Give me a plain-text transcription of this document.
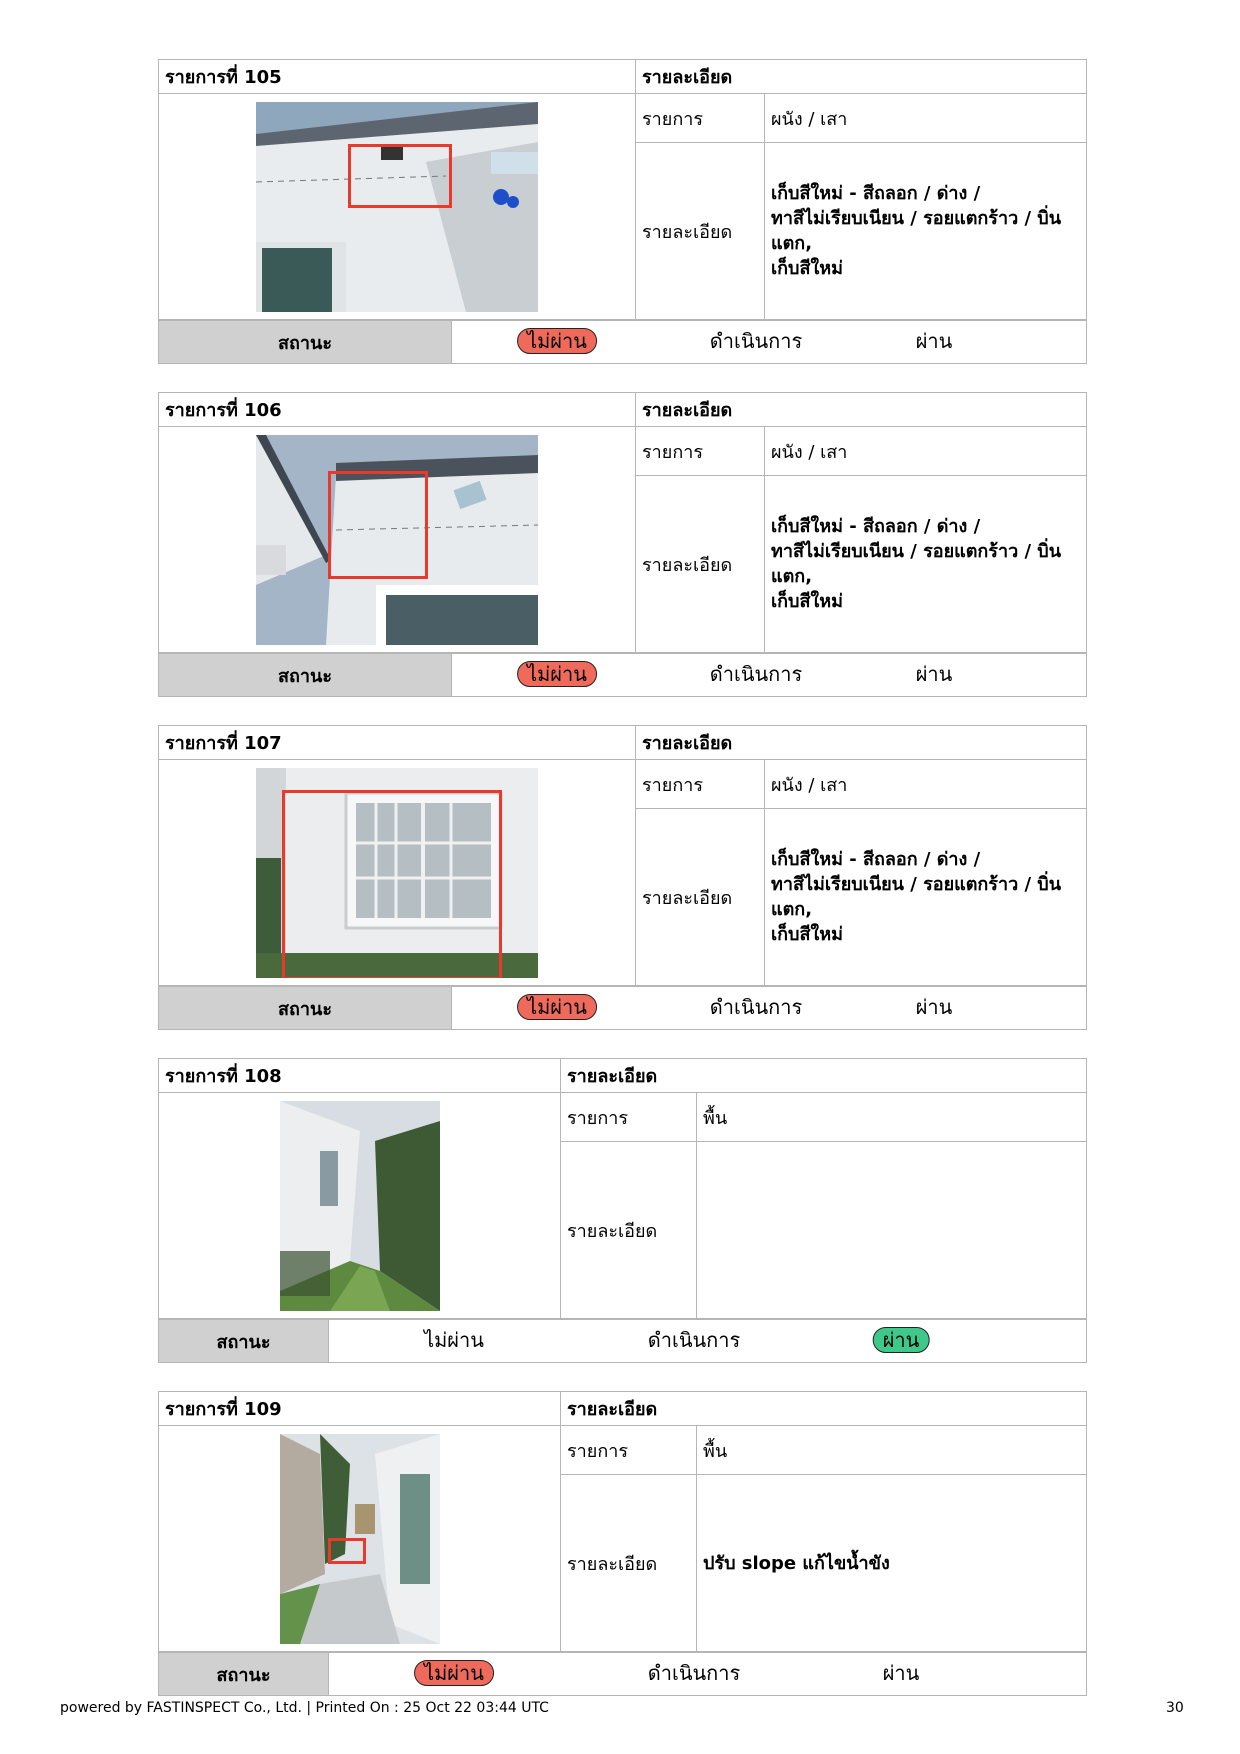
รายการที่ 105	รายละเอียด	

	รายการ	ผนัง / เสา
	รายละเอียด	เก็บสีใหม่ - สีถลอก / ด่าง /
ทาสีไม่เรียบเนียน / รอยแตกร้าว / บิ่นแตก,
เก็บสีใหม่
สถานะ	ไม่ผ่าน	ดำเนินการ	ผ่าน
รายการที่ 106	รายละเอียด	

	รายการ	ผนัง / เสา
	รายละเอียด	เก็บสีใหม่ - สีถลอก / ด่าง /
ทาสีไม่เรียบเนียน / รอยแตกร้าว / บิ่นแตก,
เก็บสีใหม่
สถานะ	ไม่ผ่าน	ดำเนินการ	ผ่าน
รายการที่ 107	รายละเอียด	

	รายการ	ผนัง / เสา
	รายละเอียด	เก็บสีใหม่ - สีถลอก / ด่าง /
ทาสีไม่เรียบเนียน / รอยแตกร้าว / บิ่นแตก,
เก็บสีใหม่
สถานะ	ไม่ผ่าน	ดำเนินการ	ผ่าน
รายการที่ 108	รายละเอียด	
	รายการ	พื้น
	รายละเอียด	
สถานะ	ไม่ผ่าน	ดำเนินการ	ผ่าน
รายการที่ 109	รายละเอียด	

	รายการ	พื้น
	รายละเอียด	ปรับ slope แก้ไขน้ำขัง
สถานะ	ไม่ผ่าน	ดำเนินการ	ผ่าน
powered by FASTINSPECT Co., Ltd. | Printed On : 25 Oct 22 03:44 UTC	30
